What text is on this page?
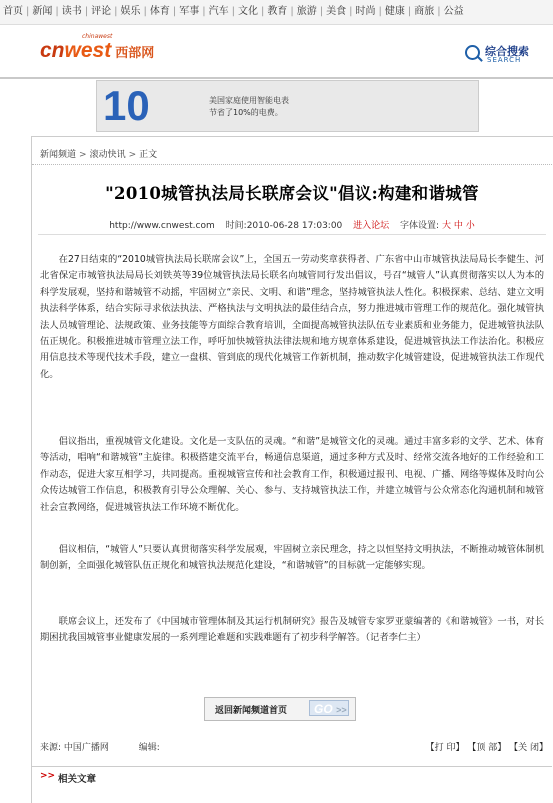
首页 | 新闻 | 读书 | 评论 | 娱乐 | 体育 | 军事 | 汽车 | 文化 | 教育 | 旅游 | 美食 | 时尚 | 健康 | 商旅 | 公益
chinawest
cnwest 西部网	综合搜索
SEARCH
10	美国家庭使用智能电表
节省了10%的电费。
新闻频道 > 滚动快讯 > 正文
"2010城管执法局长联席会议"倡议:构建和谐城管
http://www.cnwest.com 时间:2010-06-28 17:03:00 进入论坛 字体设置: 大 中 小

在27日结束的“2010城管执法局长联席会议”上，全国五一劳动奖章获得者、广东省中山市城管执法局局长李健生、河北省保定市城管执法局局长刘铁英等39位城管执法局长联名向城管同行发出倡议，号召“城管人”认真贯彻落实以人为本的科学发展观，坚持和谐城管不动摇，牢固树立“亲民、文明、和谐”理念，坚持城管执法人性化。积极探索、总结、建立文明执法科学体系，结合实际寻求依法执法、严格执法与文明执法的最佳结合点，努力推进城市管理工作的规范化。强化城管执法人员城管理论、法规政策、业务技能等方面综合教育培训，全面提高城管执法队伍专业素质和业务能力，促进城管执法队伍正规化。积极推进城市管理立法工作，呼吁加快城管执法律法规和地方规章体系建设，促进城管执法工作法治化。积极应用信息技术等现代技术手段，建立一盘棋、管到底的现代化城管工作新机制，推动数字化城管建设，促进城管执法工作现代化。

倡议指出，重视城管文化建设。文化是一支队伍的灵魂。“和谐”是城管文化的灵魂。通过丰富多彩的文学、艺术、体育等活动，唱响“和谐城管”主旋律。积极搭建交流平台，畅通信息渠道，通过多种方式及时、经常交流各地好的工作经验和工作动态，促进大家互相学习，共同提高。重视城管宣传和社会教育工作，积极通过报刊、电视、广播、网络等媒体及时向公众传达城管工作信息，积极教育引导公众理解、关心、参与、支持城管执法工作，并建立城管与公众常态化沟通机制和城管社会宣教网络，促进城管执法工作环境不断优化。

倡议相信，“城管人”只要认真贯彻落实科学发展观，牢固树立亲民理念，持之以恒坚持文明执法，不断推动城管体制机制创新，全面强化城管队伍正规化和城管执法规范化建设，“和谐城管”的目标就一定能够实现。

联席会议上，还发布了《中国城市管理体制及其运行机制研究》报告及城管专家罗亚蒙编著的《和谐城管》一书，对长期困扰我国城管事业健康发展的一系列理论难题和实践难题有了初步科学解答。（记者李仁主）

返回新闻频道首页	GO >>
来源: 中国广播网	编辑:	【打 印】 【顶 部】 【关 闭】
>> 相关文章
